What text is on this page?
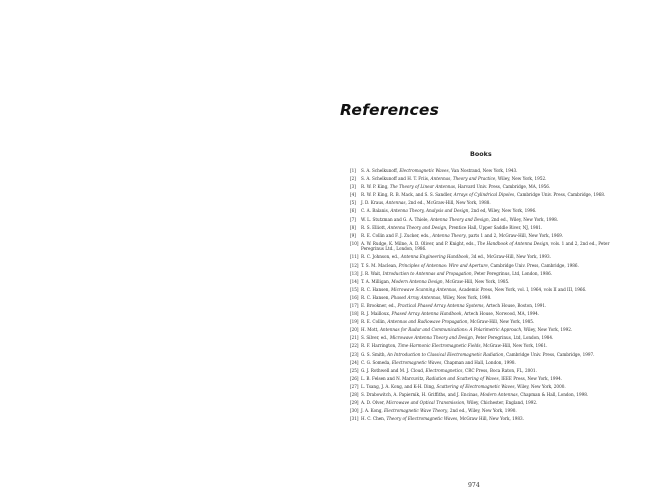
References
Books
[1] S. A. Schelkunoff, Electromagnetic Waves, Van Nostrand, New York, 1943.
[2] S. A. Schelkunoff and H. T. Friis, Antennas, Theory and Practice, Wiley, New York, 1952.
[3] R. W. P. King, The Theory of Linear Antennas, Harvard Univ. Press, Cambridge, MA, 1956.
[4] R. W. P. King, R. B. Mack, and S. S. Sandler, Arrays of Cylindrical Dipoles, Cambridge Univ. Press, Cambridge, 1968.
[5] J. D. Kraus, Antennas, 2nd ed., McGraw-Hill, New York, 1988.
[6] C. A. Balanis, Antenna Theory, Analysis and Design, 2nd ed, Wiley, New York, 1996.
[7] W. L. Stutzman and G. A. Thiele, Antenna Theory and Design, 2nd ed., Wiley, New York, 1998.
[8] R. S. Elliott, Antenna Theory and Design, Prentice Hall, Upper Saddle River, NJ, 1981.
[9] R. E. Collin and F. J. Zucker, eds., Antenna Theory, parts 1 and 2, McGraw-Hill, New York, 1969.
[10] A. W. Rudge, K. Milne, A. D. Oliver, and P. Knight, eds., The Handbook of Antenna Design, vols. 1 and 2, 2nd ed., Peter Peregrinus Ltd., London, 1986.
[11] R. C. Johnson, ed., Antenna Engineering Handbook, 3d ed., McGraw-Hill, New York, 1993.
[12] T. S. M. Maclean, Principles of Antennas: Wire and Aperture, Cambridge Univ. Press, Cambridge, 1986.
[13] J. R. Wait, Introduction to Antennas and Propagation, Peter Peregrinus, Ltd, London, 1986.
[14] T. A. Milligan, Modern Antenna Design, McGraw-Hill, New York, 1985.
[15] R. C. Hansen, Microwave Scanning Antennas, Academic Press, New York, vol. I, 1964, vols II and III, 1966.
[16] R. C. Hansen, Phased Array Antennas, Wiley, New York, 1998.
[17] E. Brookner, ed., Practical Phased Array Antenna Systems, Artech House, Boston, 1991.
[18] R. J. Mailloux, Phased Array Antenna Handbook, Artech House, Norwood, MA, 1994.
[19] R. E. Collin, Antennas and Radiowave Propagation, McGraw-Hill, New York, 1985.
[20] H. Mott, Antennas for Radar and Communications: A Polarimetric Approach, Wiley, New York, 1992.
[21] S. Silver, ed., Microwave Antenna Theory and Design, Peter Peregrinus, Ltd, London, 1984.
[22] R. F. Harrington, Time-Harmonic Electromagnetic Fields, McGraw-Hill, New York, 1961.
[23] G. S. Smith, An Introduction to Classical Electromagnetic Radiation, Cambridge Univ. Press, Cambridge, 1997.
[24] C. G. Someda, Electromagnetic Waves, Chapman and Hall, London, 1998.
[25] G. J. Rothwell and M. J. Cloud, Electromagnetics, CRC Press, Boca Raton, FL, 2001.
[26] L. B. Felsen and N. Marcuvitz, Radiation and Scattering of Waves, IEEE Press, New York, 1994.
[27] L. Tsang, J. A. Kong, and K-H. Ding, Scattering of Electromagnetic Waves, Wiley, New York, 2000.
[28] S. Drabowitch, A. Papiernik, H. Griffiths, and J. Encinas, Modern Antennas, Chapman & Hall, London, 1998.
[29] A. D. Olver, Microwave and Optical Transmission, Wiley, Chichester, England, 1992.
[30] J. A. Kong, Electromagnetic Wave Theory, 2nd ed., Wiley, New York, 1990.
[31] H. C. Chen, Theory of Electromagnetic Waves, McGraw Hill, New York, 1983.
974
